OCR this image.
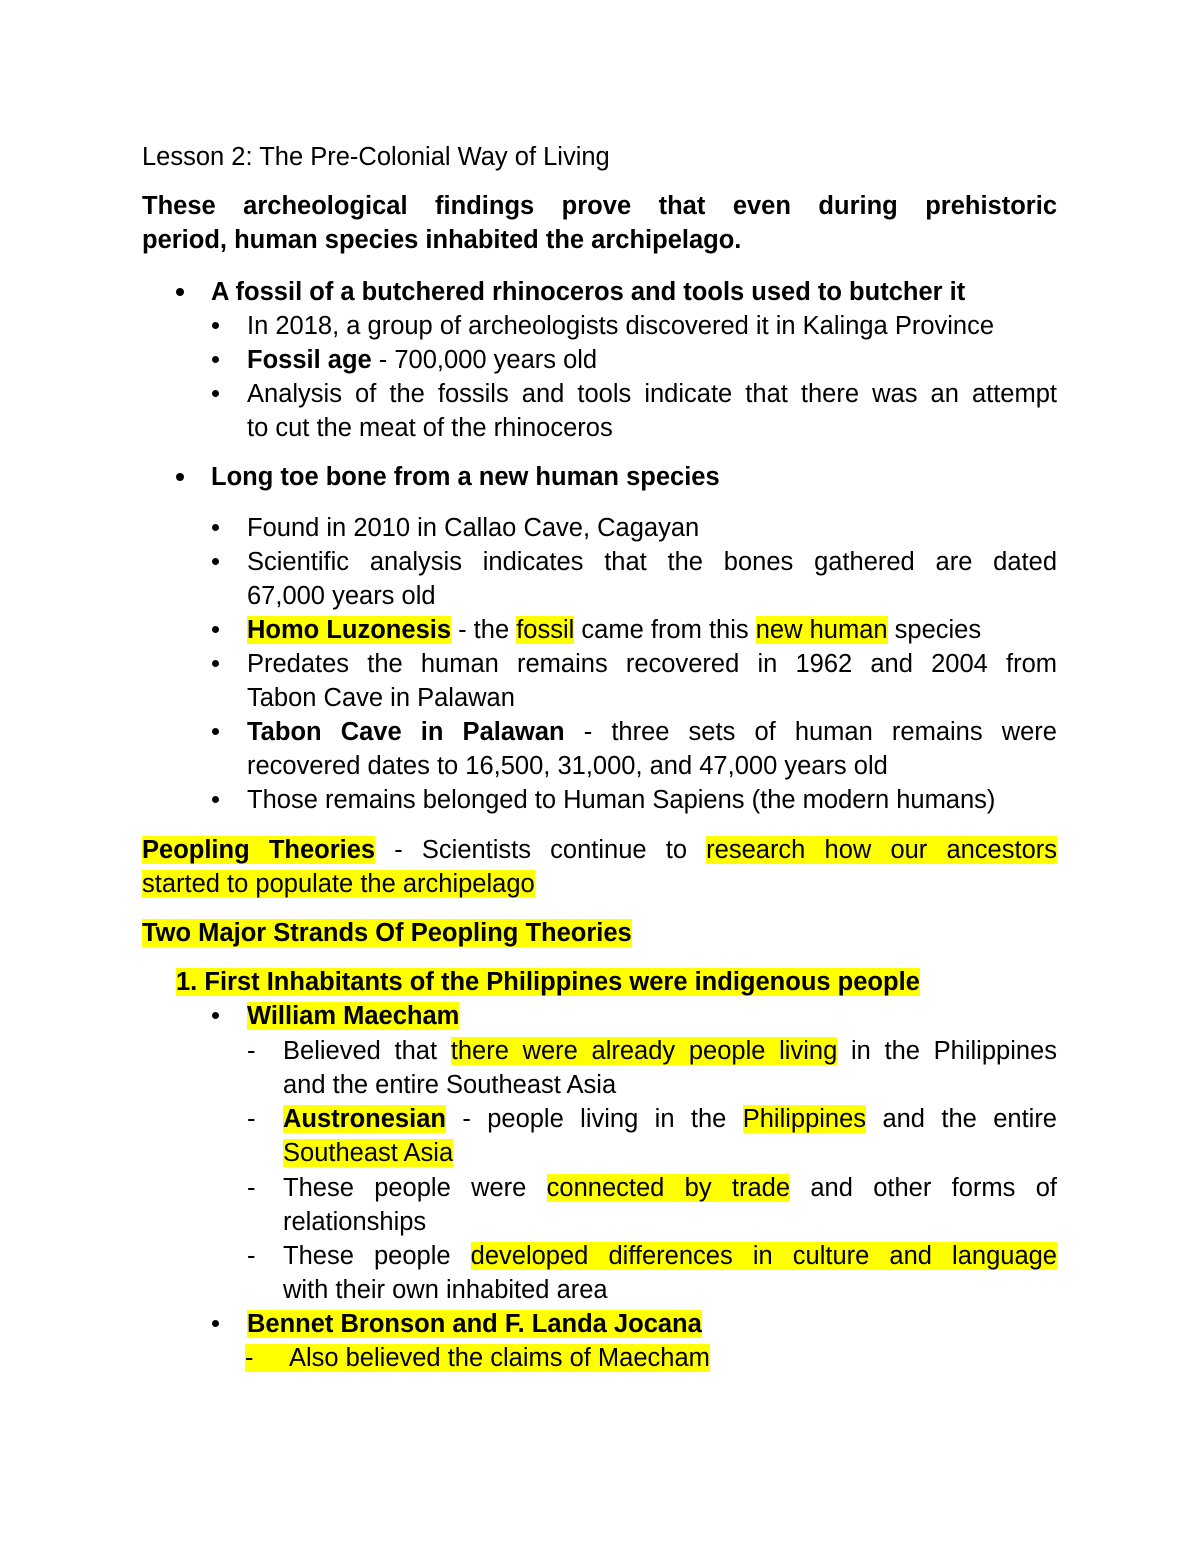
Lesson 2: The Pre-Colonial Way of Living
These archeological findings prove that even during prehistoric
period, human species inhabited the archipelago.
A fossil of a butchered rhinoceros and tools used to butcher it
In 2018, a group of archeologists discovered it in Kalinga Province
Fossil age - 700,000 years old
Analysis of the fossils and tools indicate that there was an attempt
to cut the meat of the rhinoceros
Long toe bone from a new human species
Found in 2010 in Callao Cave, Cagayan
Scientific analysis indicates that the bones gathered are dated
67,000 years old
Homo Luzonesis - the fossil came from this new human species
Predates the human remains recovered in 1962 and 2004 from
Tabon Cave in Palawan
Tabon Cave in Palawan - three sets of human remains were
recovered dates to 16,500, 31,000, and 47,000 years old
Those remains belonged to Human Sapiens (the modern humans)
Peopling Theories - Scientists continue to research how our ancestors
started to populate the archipelago
Two Major Strands Of Peopling Theories
1. First Inhabitants of the Philippines were indigenous people
William Maecham
- Believed that there were already people living in the Philippines
and the entire Southeast Asia
- Austronesian - people living in the Philippines and the entire
Southeast Asia
- These people were connected by trade and other forms of
relationships
- These people developed differences in culture and language
with their own inhabited area
Bennet Bronson and F. Landa Jocana
- Also believed the claims of Maecham
